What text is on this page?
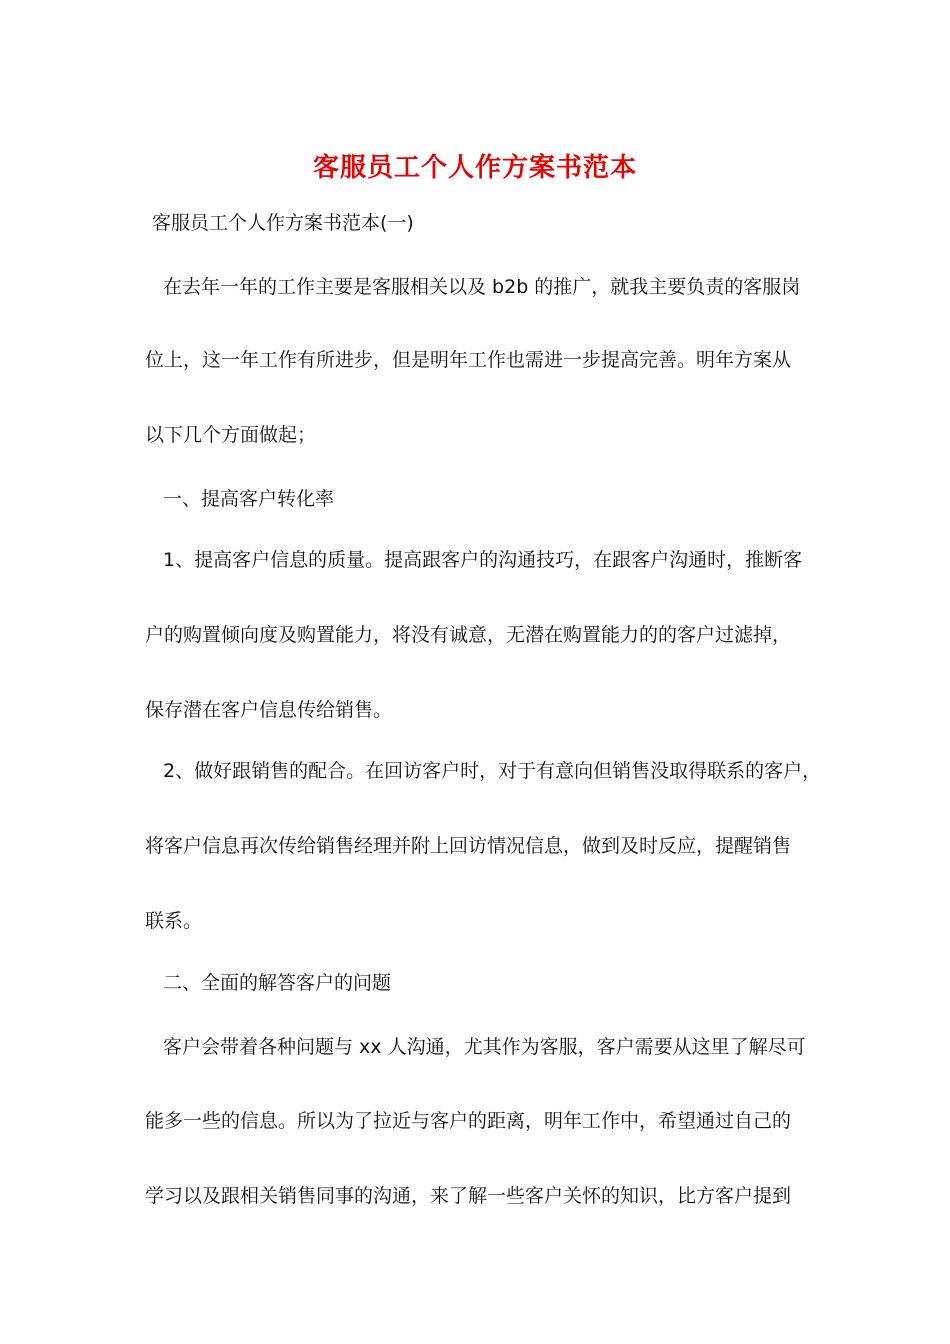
客服员工个人作方案书范本
客服员工个人作方案书范本(一)
在去年一年的工作主要是客服相关以及 b2b 的推广，就我主要负责的客服岗
位上，这一年工作有所进步，但是明年工作也需进一步提高完善。明年方案从
以下几个方面做起；
一、提高客户转化率
1、提高客户信息的质量。提高跟客户的沟通技巧，在跟客户沟通时，推断客
户的购置倾向度及购置能力，将没有诚意，无潜在购置能力的的客户过滤掉，
保存潜在客户信息传给销售。
2、做好跟销售的配合。在回访客户时，对于有意向但销售没取得联系的客户，
将客户信息再次传给销售经理并附上回访情况信息，做到及时反应，提醒销售
联系。
二、全面的解答客户的问题
客户会带着各种问题与 xx 人沟通，尤其作为客服，客户需要从这里了解尽可
能多一些的信息。所以为了拉近与客户的距离，明年工作中，希望通过自己的
学习以及跟相关销售同事的沟通，来了解一些客户关怀的知识，比方客户提到
